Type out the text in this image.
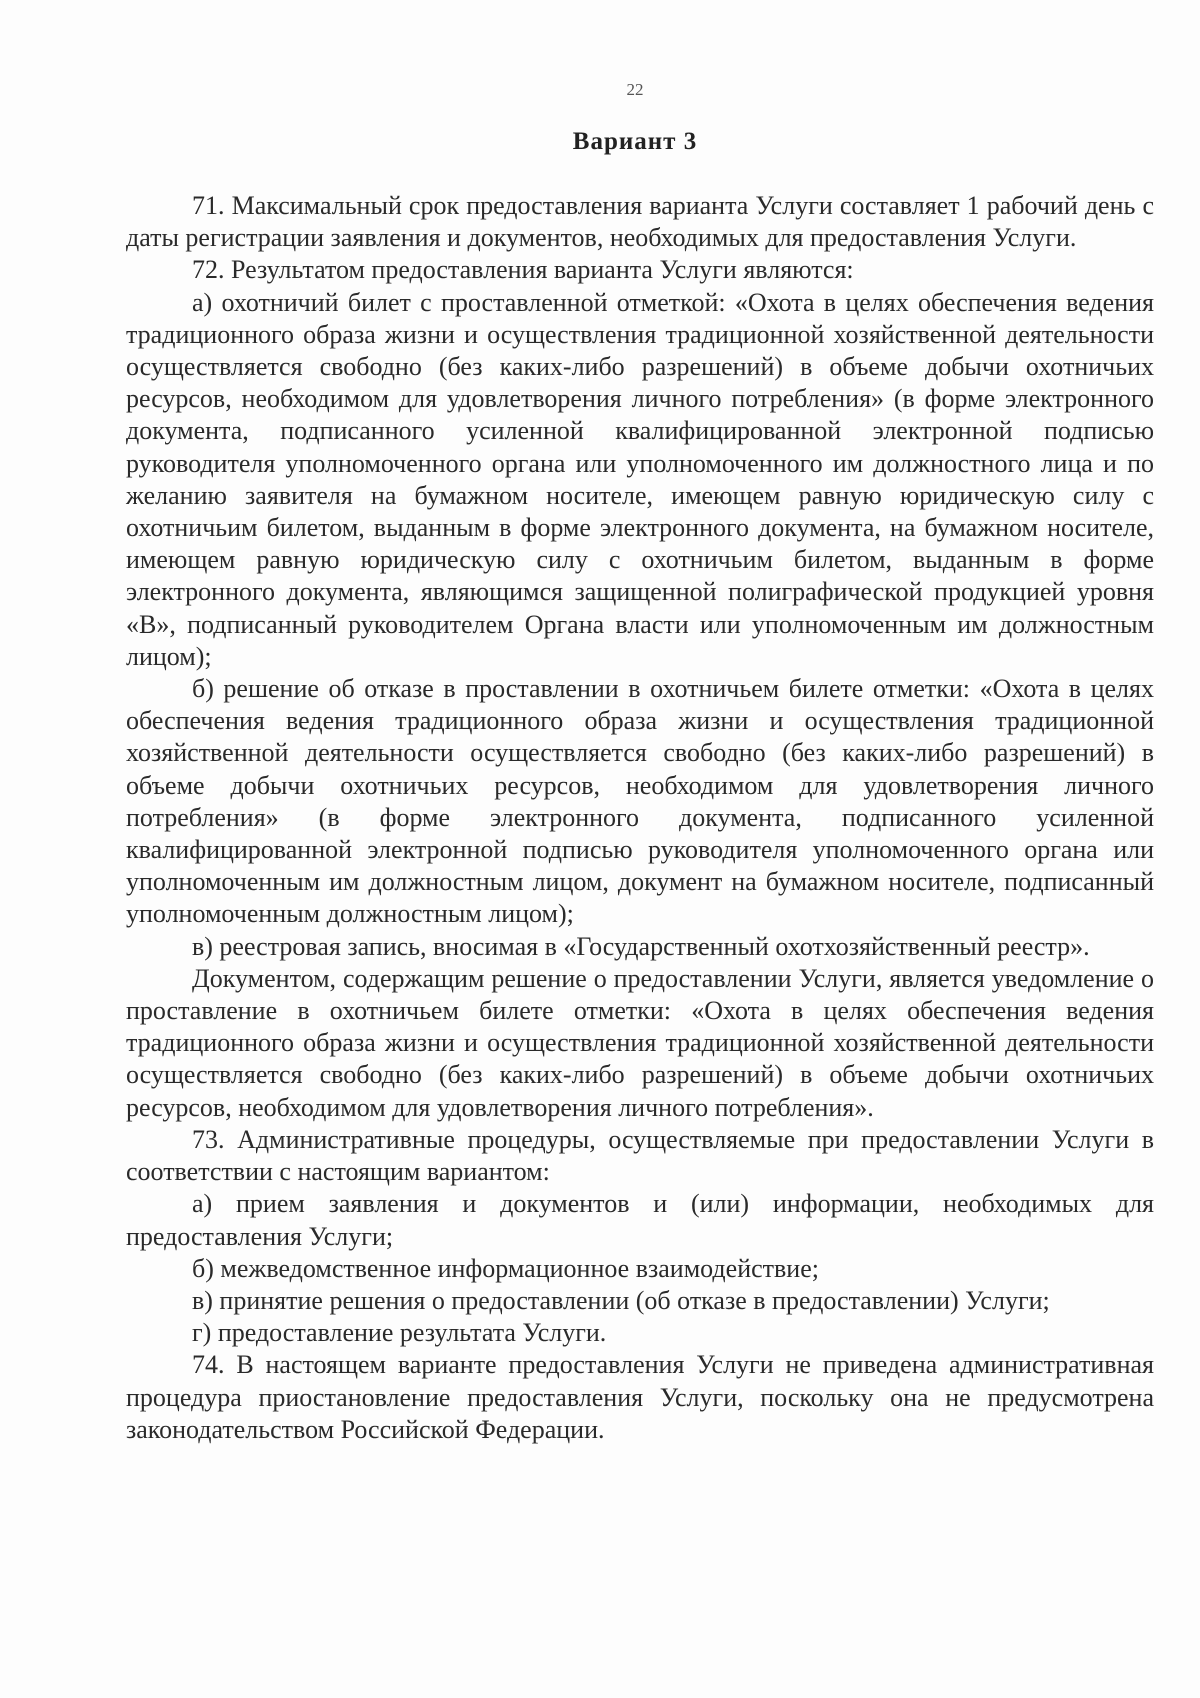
22
Вариант 3

71. Максимальный срок предоставления варианта Услуги составляет 1 рабочий день с даты регистрации заявления и документов, необходимых для предоставления Услуги.

72. Результатом предоставления варианта Услуги являются:

а) охотничий билет с проставленной отметкой: «Охота в целях обеспечения ведения традиционного образа жизни и осуществления традиционной хозяйственной деятельности осуществляется свободно (без каких-либо разрешений) в объеме добычи охотничьих ресурсов, необходимом для удовлетворения личного потребления» (в форме электронного документа, подписанного усиленной квалифицированной электронной подписью руководителя уполномоченного органа или уполномоченного им должностного лица и по желанию заявителя на бумажном носителе, имеющем равную юридическую силу с охотничьим билетом, выданным в форме электронного документа, на бумажном носителе, имеющем равную юридическую силу с охотничьим билетом, выданным в форме электронного документа, являющимся защищенной полиграфической продукцией уровня «В», подписанный руководителем Органа власти или уполномоченным им должностным лицом);

б) решение об отказе в проставлении в охотничьем билете отметки: «Охота в целях обеспечения ведения традиционного образа жизни и осуществления традиционной хозяйственной деятельности осуществляется свободно (без каких-либо разрешений) в объеме добычи охотничьих ресурсов, необходимом для удовлетворения личного потребления» (в форме электронного документа, подписанного усиленной квалифицированной электронной подписью руководителя уполномоченного органа или уполномоченным им должностным лицом, документ на бумажном носителе, подписанный уполномоченным должностным лицом);

в) реестровая запись, вносимая в «Государственный охотхозяйственный реестр».

Документом, содержащим решение о предоставлении Услуги, является уведомление о проставление в охотничьем билете отметки: «Охота в целях обеспечения ведения традиционного образа жизни и осуществления традиционной хозяйственной деятельности осуществляется свободно (без каких-либо разрешений) в объеме добычи охотничьих ресурсов, необходимом для удовлетворения личного потребления».

73. Административные процедуры, осуществляемые при предоставлении Услуги в соответствии с настоящим вариантом:

а) прием заявления и документов и (или) информации, необходимых для предоставления Услуги;

б) межведомственное информационное взаимодействие;

в) принятие решения о предоставлении (об отказе в предоставлении) Услуги;

г) предоставление результата Услуги.

74. В настоящем варианте предоставления Услуги не приведена административная процедура приостановление предоставления Услуги, поскольку она не предусмотрена законодательством Российской Федерации.
